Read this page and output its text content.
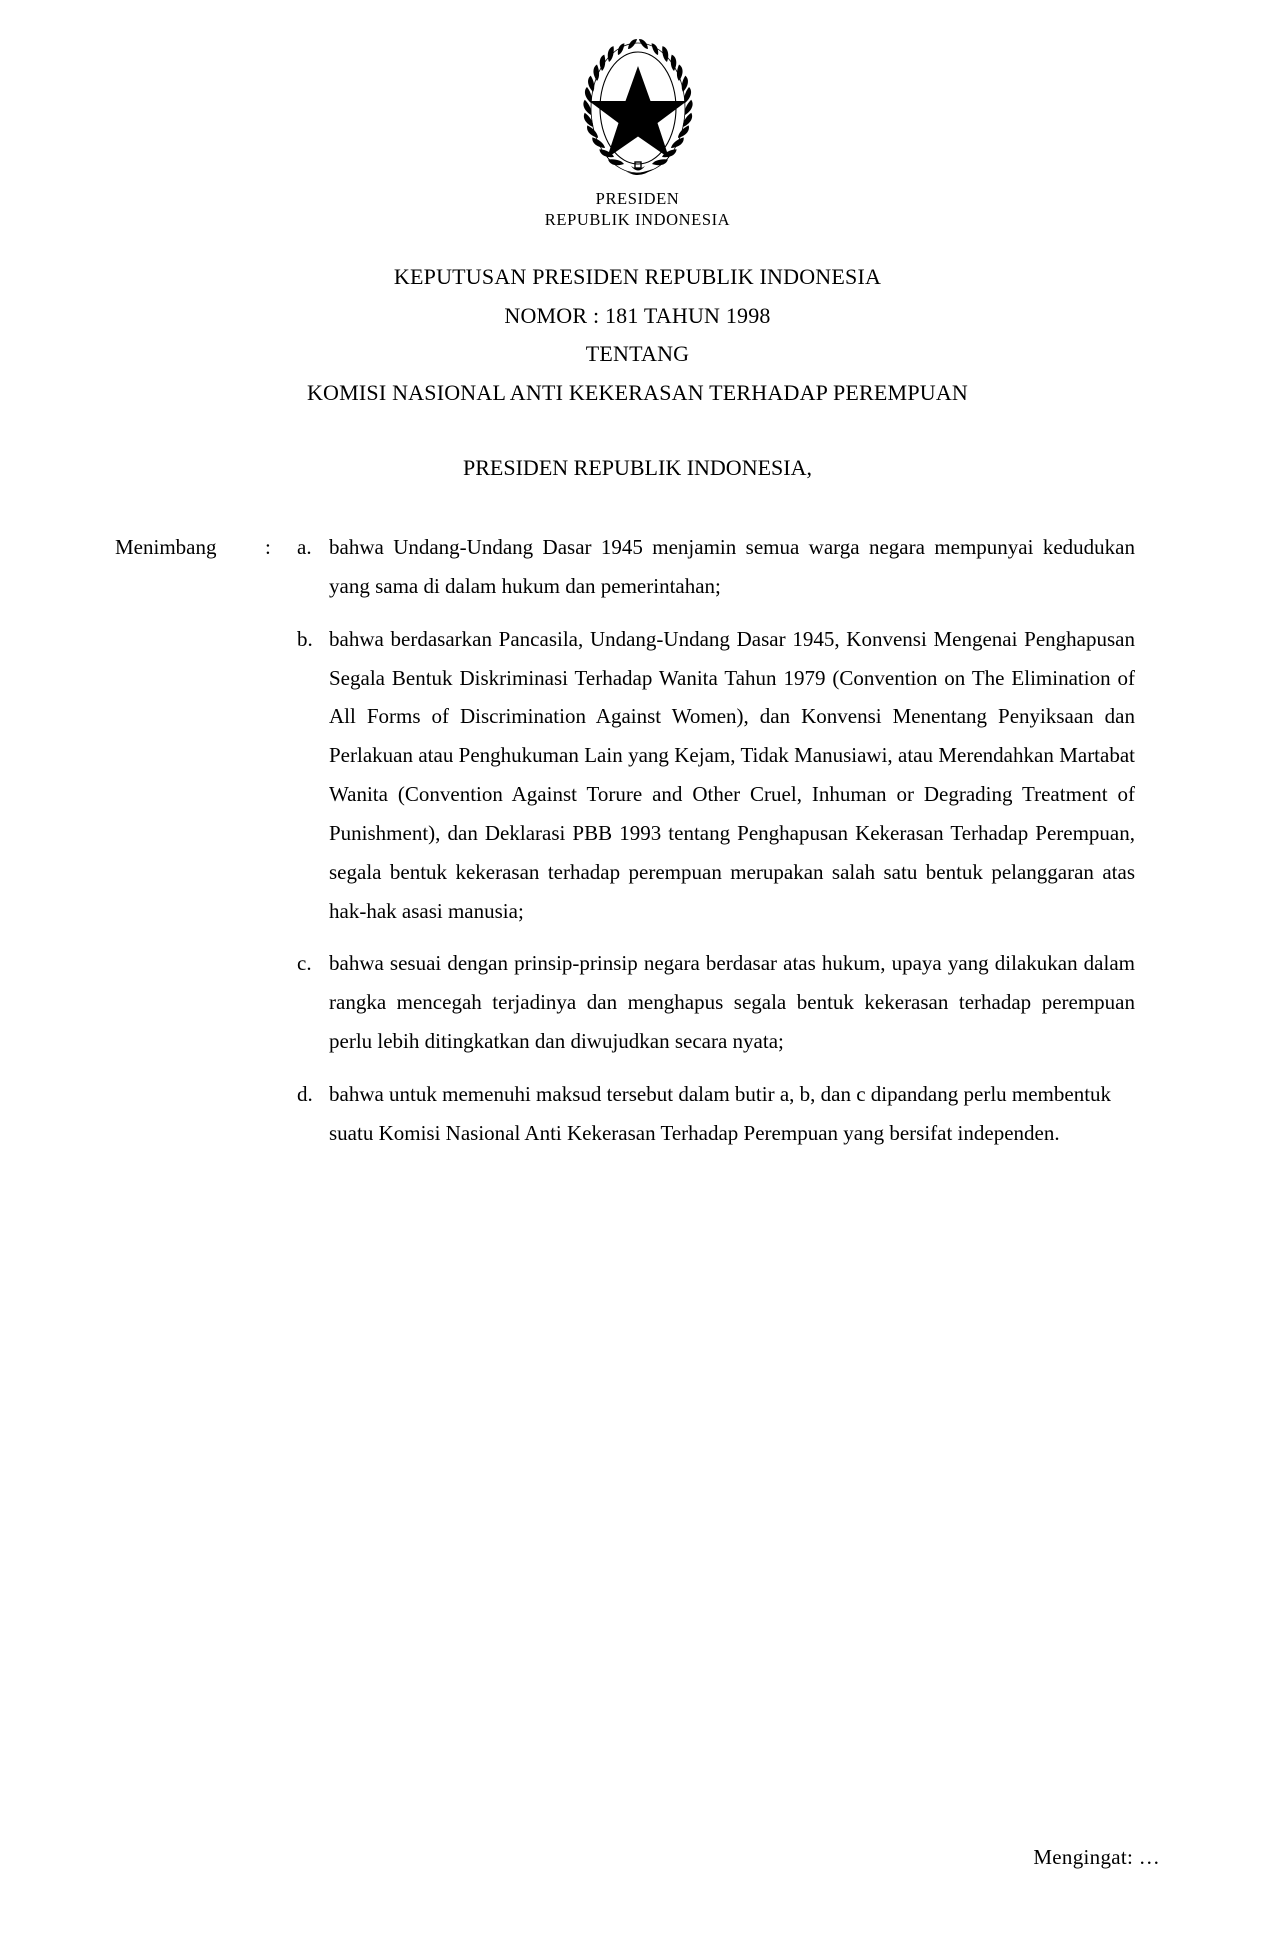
PRESIDEN
REPUBLIK INDONESIA
KEPUTUSAN PRESIDEN REPUBLIK INDONESIA
NOMOR : 181 TAHUN 1998
TENTANG
KOMISI NASIONAL ANTI KEKERASAN TERHADAP PEREMPUAN
PRESIDEN REPUBLIK INDONESIA,
Menimbang	:	a. bahwa Undang-Undang Dasar 1945 menjamin semua warga negara mempunyai kedudukan yang sama di dalam hukum dan pemerintahan;
b. bahwa berdasarkan Pancasila, Undang-Undang Dasar 1945, Konvensi Mengenai Penghapusan Segala Bentuk Diskriminasi Terhadap Wanita Tahun 1979 (Convention on The Elimination of All Forms of Discrimination Against Women), dan Konvensi Menentang Penyiksaan dan Perlakuan atau Penghukuman Lain yang Kejam, Tidak Manusiawi, atau Merendahkan Martabat Wanita (Convention Against Torure and Other Cruel, Inhuman or Degrading Treatment of Punishment), dan Deklarasi PBB 1993 tentang Penghapusan Kekerasan Terhadap Perempuan, segala bentuk kekerasan terhadap perempuan merupakan salah satu bentuk pelanggaran atas hak-hak asasi manusia;
c. bahwa sesuai dengan prinsip-prinsip negara berdasar atas hukum, upaya yang dilakukan dalam rangka mencegah terjadinya dan menghapus segala bentuk kekerasan terhadap perempuan perlu lebih ditingkatkan dan diwujudkan secara nyata;
d. bahwa untuk memenuhi maksud tersebut dalam butir a, b, dan c dipandang perlu membentuk suatu Komisi Nasional Anti Kekerasan Terhadap Perempuan yang bersifat independen.
Mengingat: …
